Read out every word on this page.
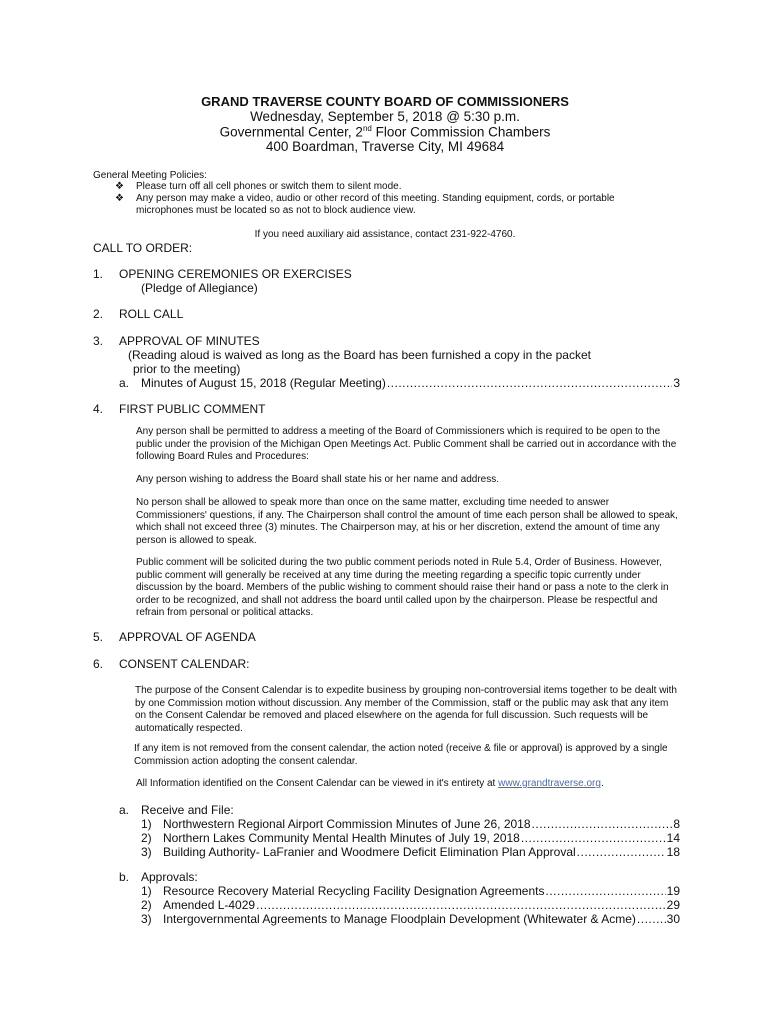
GRAND TRAVERSE COUNTY BOARD OF COMMISSIONERS
Wednesday, September 5, 2018 @ 5:30 p.m.
Governmental Center, 2nd Floor Commission Chambers
400 Boardman, Traverse City, MI 49684
General Meeting Policies:
❖ Please turn off all cell phones or switch them to silent mode.
❖ Any person may make a video, audio or other record of this meeting. Standing equipment, cords, or portable
microphones must be located so as not to block audience view.
If you need auxiliary aid assistance, contact 231-922-4760.
CALL TO ORDER:
1. OPENING CEREMONIES OR EXERCISES
(Pledge of Allegiance)
2. ROLL CALL
3. APPROVAL OF MINUTES
(Reading aloud is waived as long as the Board has been furnished a copy in the packet
prior to the meeting)
a. Minutes of August 15, 2018 (Regular Meeting) .....	3
4. FIRST PUBLIC COMMENT
Any person shall be permitted to address a meeting of the Board of Commissioners which is required to be open to the public under the provision of the Michigan Open Meetings Act. Public Comment shall be carried out in accordance with the following Board Rules and Procedures:
Any person wishing to address the Board shall state his or her name and address.
No person shall be allowed to speak more than once on the same matter, excluding time needed to answer Commissioners' questions, if any. The Chairperson shall control the amount of time each person shall be allowed to speak, which shall not exceed three (3) minutes. The Chairperson may, at his or her discretion, extend the amount of time any person is allowed to speak.
Public comment will be solicited during the two public comment periods noted in Rule 5.4, Order of Business. However, public comment will generally be received at any time during the meeting regarding a specific topic currently under discussion by the board. Members of the public wishing to comment should raise their hand or pass a note to the clerk in order to be recognized, and shall not address the board until called upon by the chairperson. Please be respectful and refrain from personal or political attacks.
5. APPROVAL OF AGENDA
6. CONSENT CALENDAR:
The purpose of the Consent Calendar is to expedite business by grouping non-controversial items together to be dealt with by one Commission motion without discussion. Any member of the Commission, staff or the public may ask that any item on the Consent Calendar be removed and placed elsewhere on the agenda for full discussion. Such requests will be automatically respected.
If any item is not removed from the consent calendar, the action noted (receive & file or approval) is approved by a single Commission action adopting the consent calendar.
All Information identified on the Consent Calendar can be viewed in it's entirety at www.grandtraverse.org.
a. Receive and File:
1) Northwestern Regional Airport Commission Minutes of June 26, 2018 .....	8
2) Northern Lakes Community Mental Health Minutes of July 19, 2018 .....	14
3) Building Authority- LaFranier and Woodmere Deficit Elimination Plan Approval .....	18
b. Approvals:
1) Resource Recovery Material Recycling Facility Designation Agreements .....	19
2) Amended L-4029 .....	29
3) Intergovernmental Agreements to Manage Floodplain Development (Whitewater & Acme) .....	30
